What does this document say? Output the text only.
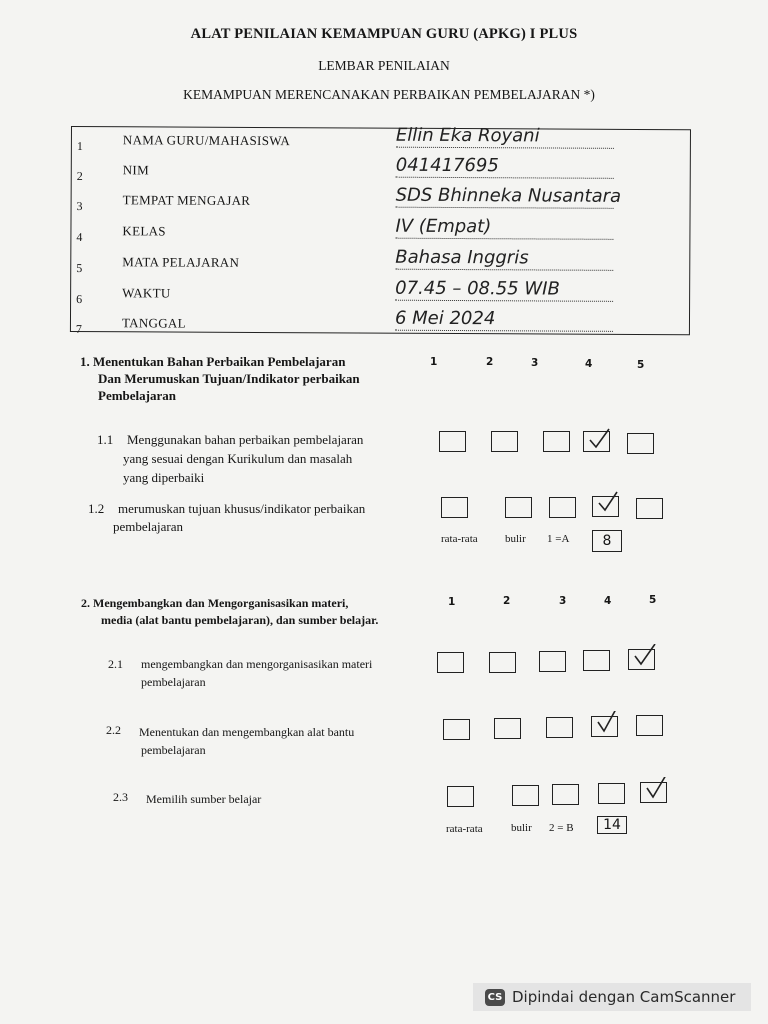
ALAT PENILAIAN KEMAMPUAN GURU (APKG) I PLUS
LEMBAR PENILAIAN
KEMAMPUAN MERENCANAKAN PERBAIKAN PEMBELAJARAN *)
1	NAMA GURU/MAHASISWA	Ellin Eka Royani
2	NIM	041417695
3	TEMPAT MENGAJAR	SDS Bhinneka Nusantara
4	KELAS	IV (Empat)
5	MATA PELAJARAN	Bahasa Inggris
6	WAKTU	07.45 – 08.55 WIB
7	TANGGAL	6 Mei 2024
1. Menentukan Bahan Perbaikan Pembelajaran
Dan Merumuskan Tujuan/Indikator perbaikan
Pembelajaran
1	2	3	4	5
1.1 Menggunakan bahan perbaikan pembelajaran
yang sesuai dengan Kurikulum dan masalah
yang diperbaiki
1.2 merumuskan tujuan khusus/indikator perbaikan
pembelajaran
rata-rata bulir 1 =A	8
2. Mengembangkan dan Mengorganisasikan materi,
media (alat bantu pembelajaran), dan sumber belajar.
1	2	3	4	5
2.1 mengembangkan dan mengorganisasikan materi
pembelajaran
2.2 Menentukan dan mengembangkan alat bantu
pembelajaran
2.3 Memilih sumber belajar
rata-rata	bulir 2 = B	14
CS Dipindai dengan CamScanner
